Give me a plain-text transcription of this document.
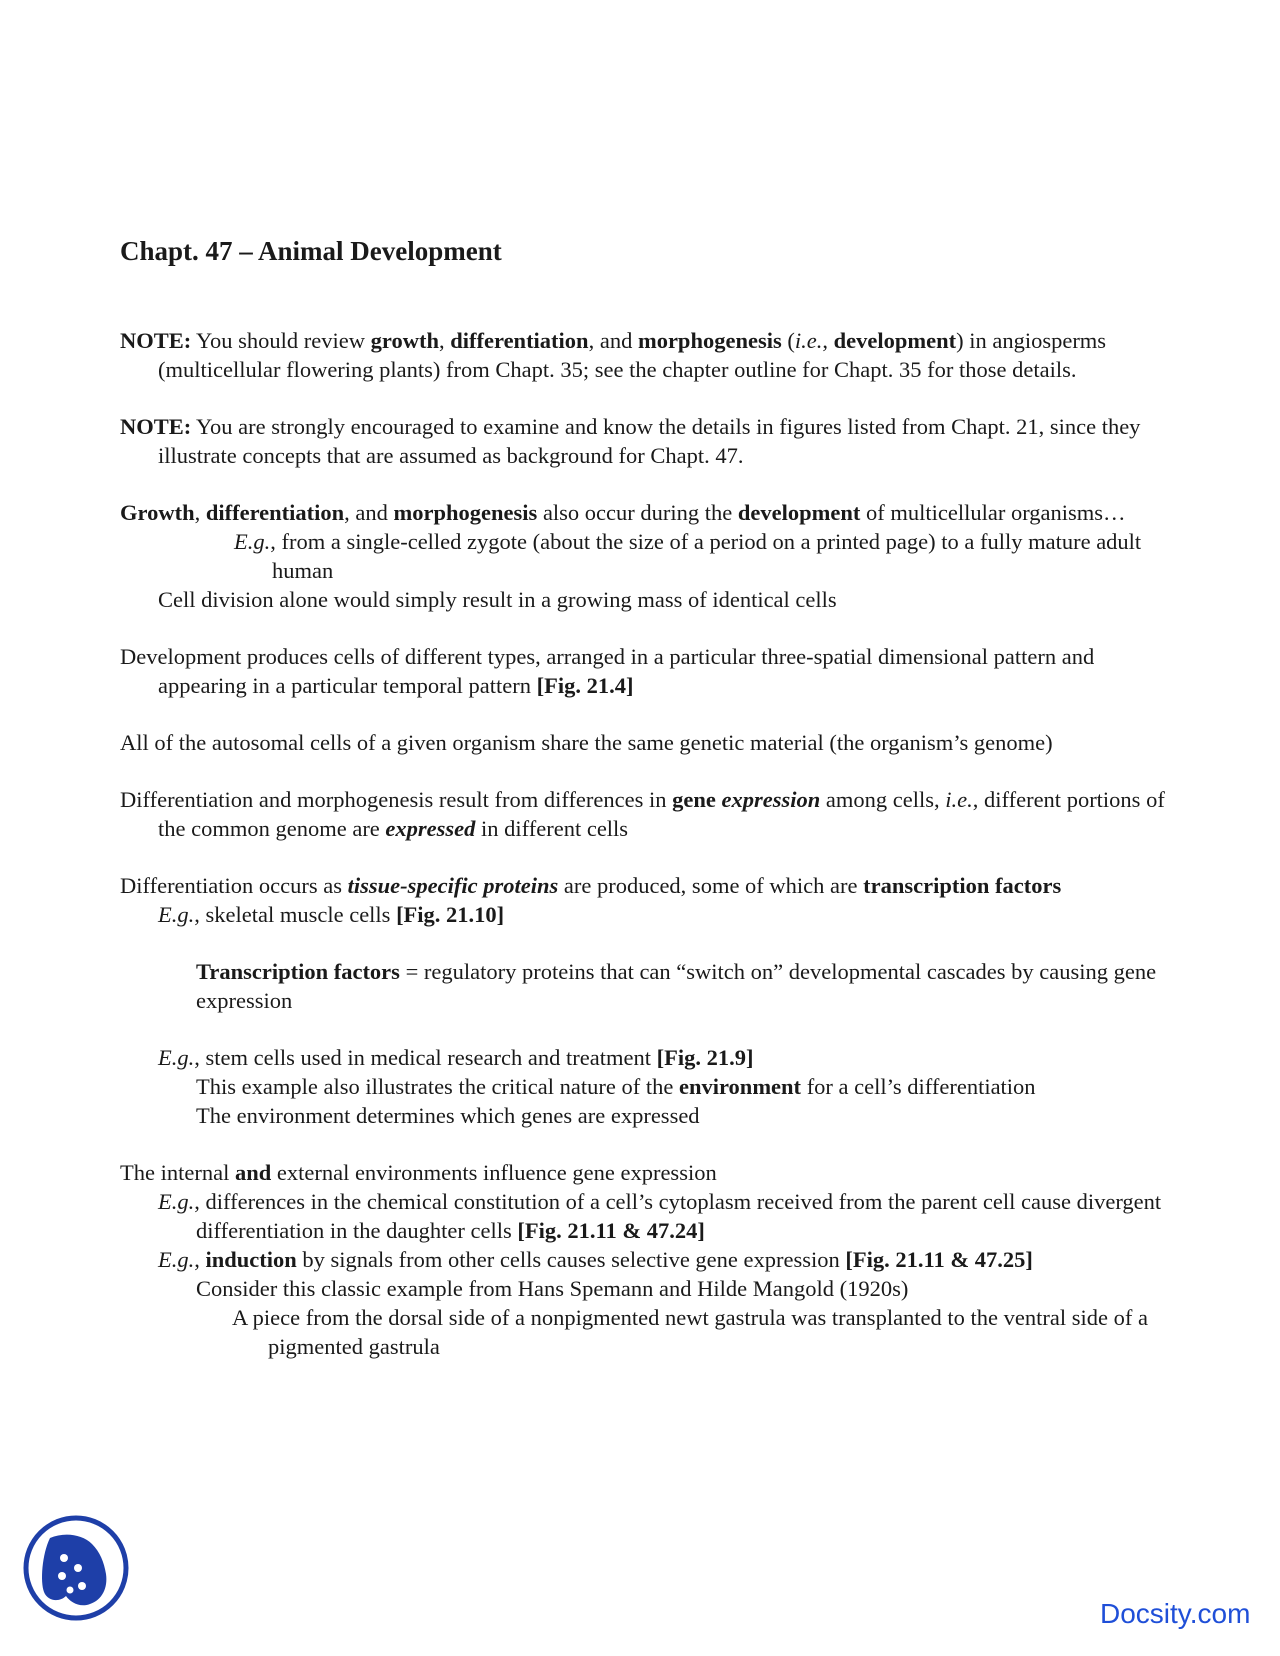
Chapt. 47 – Animal Development

NOTE: You should review growth, differentiation, and morphogenesis (i.e., development) in angiosperms (multicellular flowering plants) from Chapt. 35; see the chapter outline for Chapt. 35 for those details.

NOTE: You are strongly encouraged to examine and know the details in figures listed from Chapt. 21, since they illustrate concepts that are assumed as background for Chapt. 47.

Growth, differentiation, and morphogenesis also occur during the development of multicellular organisms…

E.g., from a single-celled zygote (about the size of a period on a printed page) to a fully mature adult human

Cell division alone would simply result in a growing mass of identical cells

Development produces cells of different types, arranged in a particular three-spatial dimensional pattern and appearing in a particular temporal pattern [Fig. 21.4]

All of the autosomal cells of a given organism share the same genetic material (the organism’s genome)

Differentiation and morphogenesis result from differences in gene expression among cells, i.e., different portions of the common genome are expressed in different cells

Differentiation occurs as tissue-specific proteins are produced, some of which are transcription factors

E.g., skeletal muscle cells [Fig. 21.10]

Transcription factors = regulatory proteins that can “switch on” developmental cascades by causing gene expression

E.g., stem cells used in medical research and treatment [Fig. 21.9]

This example also illustrates the critical nature of the environment for a cell’s differentiation

The environment determines which genes are expressed

The internal and external environments influence gene expression

E.g., differences in the chemical constitution of a cell’s cytoplasm received from the parent cell cause divergent differentiation in the daughter cells [Fig. 21.11 & 47.24]

E.g., induction by signals from other cells causes selective gene expression [Fig. 21.11 & 47.25]

Consider this classic example from Hans Spemann and Hilde Mangold (1920s)

A piece from the dorsal side of a nonpigmented newt gastrula was transplanted to the ventral side of a pigmented gastrula

Docsity.com
